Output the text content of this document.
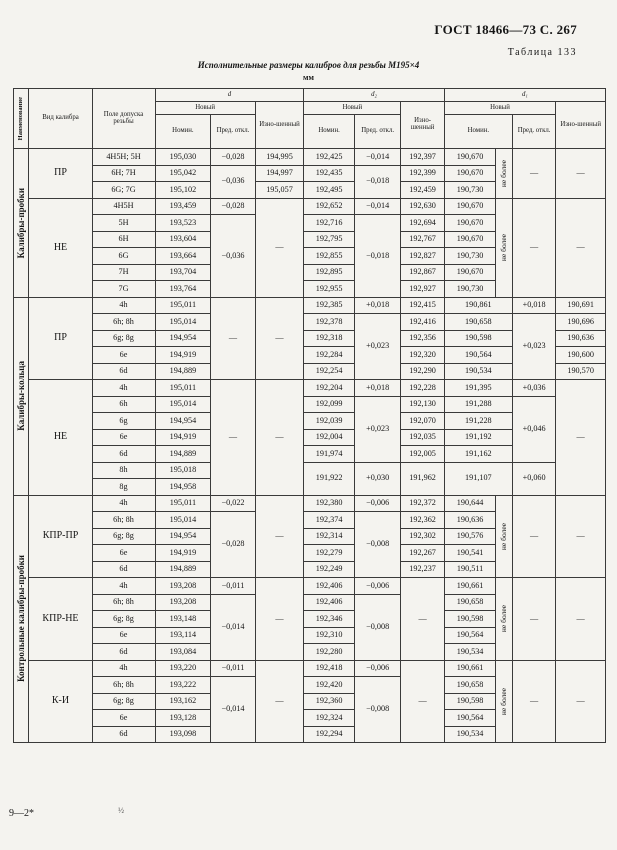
ГОСТ 18466—73 С. 267
Таблица 133
Исполнительные размеры калибров для резьбы М195×4
мм
Наименование	Вид калибра	Поле допуска резьбы	d			d₂			d₁			
			Новый		Изно-шенный	Новый		Изно-шенный	Новый			Изно-шенный
			Номин.	Пред. откл.		Номин.	Пред. откл.		Номин.		Пред. откл.	

Калибры-пробки	ПР	4H5H; 5H	195,030	−0,028	194,995	192,425	−0,014	192,397	190,670	не более	—	—
		6H; 7H	195,042	−0,036	194,997	192,435	−0,018	192,399	190,670			
		6G; 7G	195,102		195,057	192,495		192,459	190,730			
	НЕ	4H5H	193,459	−0,028	—	192,652	−0,014	192,630	190,670	не более	—	—
		5H	193,523	−0,036		192,716	−0,018	192,694	190,670			
		6H	193,604			192,795		192,767	190,670			
		6G	193,664			192,855		192,827	190,730			
		7H	193,704			192,895		192,867	190,670			
		7G	193,764			192,955		192,927	190,730			

Калибры-кольца	ПР	4h	195,011	—	—	192,385	+0,018	192,415	190,861		+0,018	190,691
		6h; 8h	195,014			192,378	+0,023	192,416	190,658		+0,023	190,696
		6g; 8g	194,954			192,318		192,356	190,598			190,636
		6e	194,919			192,284		192,320	190,564			190,600
		6d	194,889			192,254		192,290	190,534			190,570
	НЕ	4h	195,011	—	—	192,204	+0,018	192,228	191,395		+0,036	—
		6h	195,014			192,099	+0,023	192,130	191,288		+0,046	
		6g	194,954			192,039		192,070	191,228			
		6e	194,919			192,004		192,035	191,192			
		6d	194,889			191,974		192,005	191,162			
		8h	195,018			191,922	+0,030	191,962	191,107		+0,060	
		8g	194,958									

Контрольные калибры-пробки	КПР-ПР	4h	195,011	−0,022	—	192,380	−0,006	192,372	190,644	не более	—	—
		6h; 8h	195,014	−0,028		192,374	−0,008	192,362	190,636			
		6g; 8g	194,954			192,314		192,302	190,576			
		6e	194,919			192,279		192,267	190,541			
		6d	194,889			192,249		192,237	190,511			
	КПР-НЕ	4h	193,208	−0,011	—	192,406	−0,006	—	190,661	не более	—	—
		6h; 8h	193,208	−0,014		192,406	−0,008		190,658			
		6g; 8g	193,148			192,346			190,598			
		6e	193,114			192,310			190,564			
		6d	193,084			192,280			190,534			
	К-И	4h	193,220	−0,011	—	192,418	−0,006	—	190,661	не более	—	—
		6h; 8h	193,222	−0,014		192,420	−0,008		190,658			
		6g; 8g	193,162			192,360			190,598			
		6e	193,128			192,324			190,564			
		6d	193,098			192,294			190,534			
9—2*	½
